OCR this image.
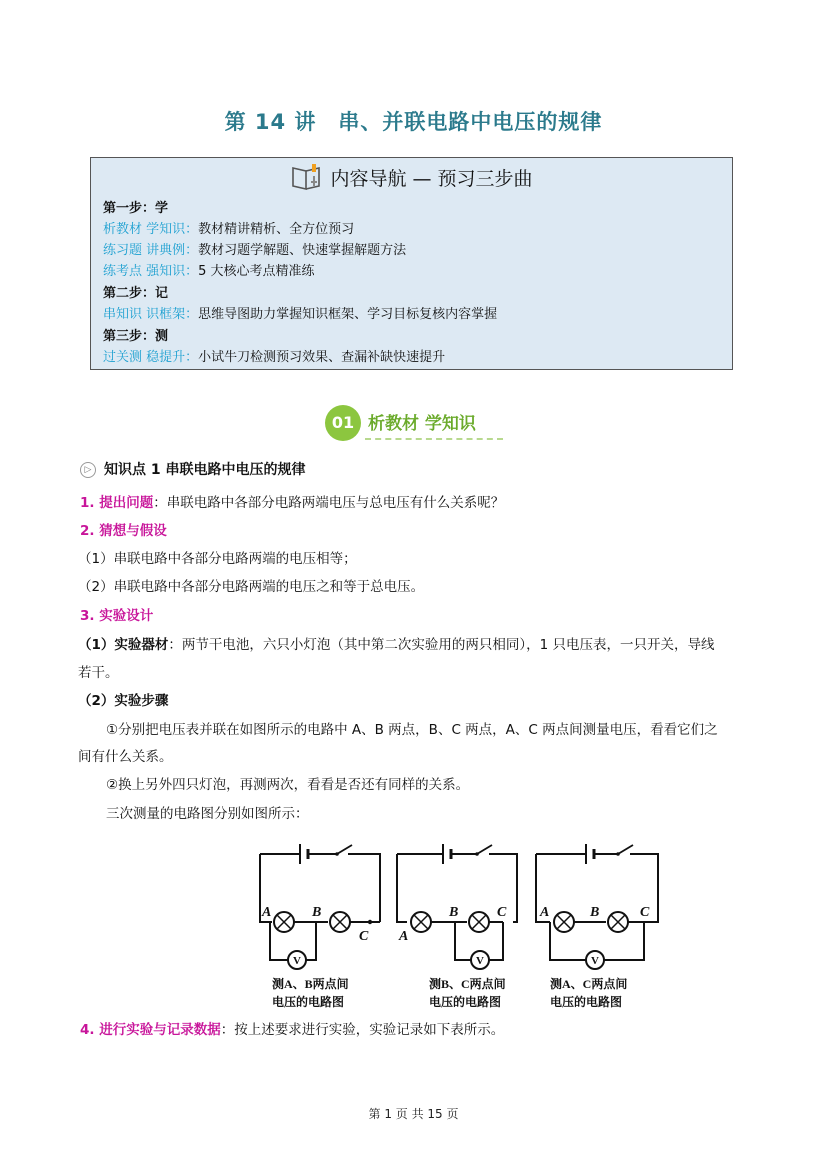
第 14 讲 串、并联电路中电压的规律
内容导航 — 预习三步曲
第一步：学
析教材 学知识：教材精讲精析、全方位预习
练习题 讲典例：教材习题学解题、快速掌握解题方法
练考点 强知识：5 大核心考点精准练
第二步：记
串知识 识框架：思维导图助力掌握知识框架、学习目标复核内容掌握
第三步：测
过关测 稳提升：小试牛刀检测预习效果、查漏补缺快速提升
01 析教材 学知识
▷ 知识点 1 串联电路中电压的规律
1. 提出问题：串联电路中各部分电路两端电压与总电压有什么关系呢？
2. 猜想与假设
（1）串联电路中各部分电路两端的电压相等；
（2）串联电路中各部分电路两端的电压之和等于总电压。
3. 实验设计
（1）实验器材：两节干电池，六只小灯泡（其中第二次实验用的两只相同），1 只电压表，一只开关，导线
若干。
（2）实验步骤
①分别把电压表并联在如图所示的电路中 A、B 两点，B、C 两点，A、C 两点间测量电压，看看它们之
间有什么关系。
②换上另外四只灯泡，再测两次，看看是否还有同样的关系。
三次测量的电路图分别如图所示：
V
A	B
C
测A、B两点间
电压的电路图
V
A
B	C
测B、C两点间
电压的电路图
V
A	B	C
测A、C两点间
电压的电路图
4. 进行实验与记录数据：按上述要求进行实验，实验记录如下表所示。
第 1 页 共 15 页
